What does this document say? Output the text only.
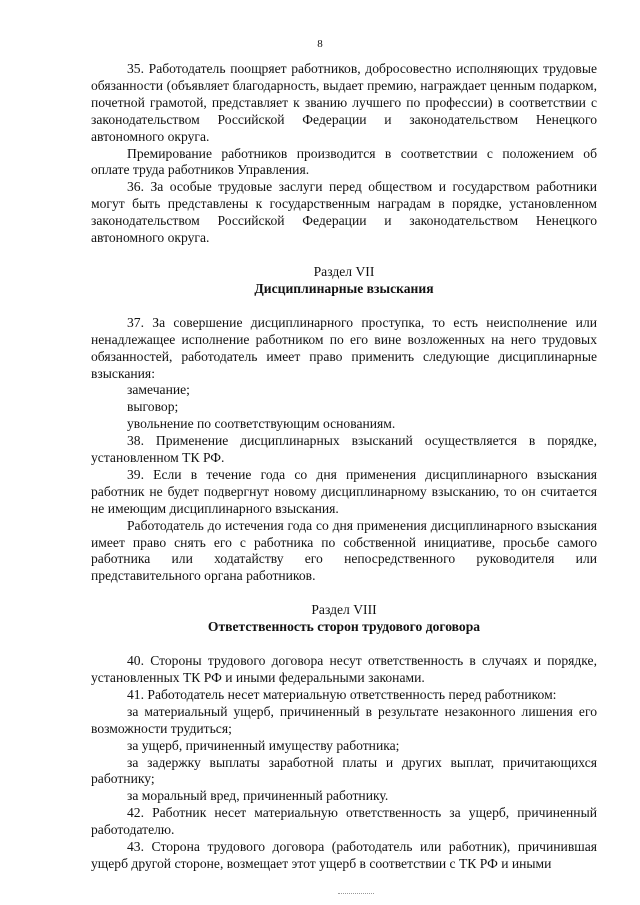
8

35. Работодатель поощряет работников, добросовестно исполняющих трудовые обязанности (объявляет благодарность, выдает премию, награждает ценным подарком, почетной грамотой, представляет к званию лучшего по профессии) в соответствии с законодательством Российской Федерации и законодательством Ненецкого автономного округа.

Премирование работников производится в соответствии с положением об оплате труда работников Управления.

36. За особые трудовые заслуги перед обществом и государством работники могут быть представлены к государственным наградам в порядке, установленном законодательством Российской Федерации и законодательством Ненецкого автономного округа.

Раздел VII

Дисциплинарные взыскания

37. За совершение дисциплинарного проступка, то есть неисполнение или ненадлежащее исполнение работником по его вине возложенных на него трудовых обязанностей, работодатель имеет право применить следующие дисциплинарные взыскания:

замечание;

выговор;

увольнение по соответствующим основаниям.

38. Применение дисциплинарных взысканий осуществляется в порядке, установленном ТК РФ.

39. Если в течение года со дня применения дисциплинарного взыскания работник не будет подвергнут новому дисциплинарному взысканию, то он считается не имеющим дисциплинарного взыскания.

Работодатель до истечения года со дня применения дисциплинарного взыскания имеет право снять его с работника по собственной инициативе, просьбе самого работника или ходатайству его непосредственного руководителя или представительного органа работников.

Раздел VIII

Ответственность сторон трудового договора

40. Стороны трудового договора несут ответственность в случаях и порядке, установленных ТК РФ и иными федеральными законами.

41. Работодатель несет материальную ответственность перед работником:

за материальный ущерб, причиненный в результате незаконного лишения его возможности трудиться;

за ущерб, причиненный имуществу работника;

за задержку выплаты заработной платы и других выплат, причитающихся работнику;

за моральный вред, причиненный работнику.

42. Работник несет материальную ответственность за ущерб, причиненный работодателю.

43. Сторона трудового договора (работодатель или работник), причинившая ущерб другой стороне, возмещает этот ущерб в соответствии с ТК РФ и иными
